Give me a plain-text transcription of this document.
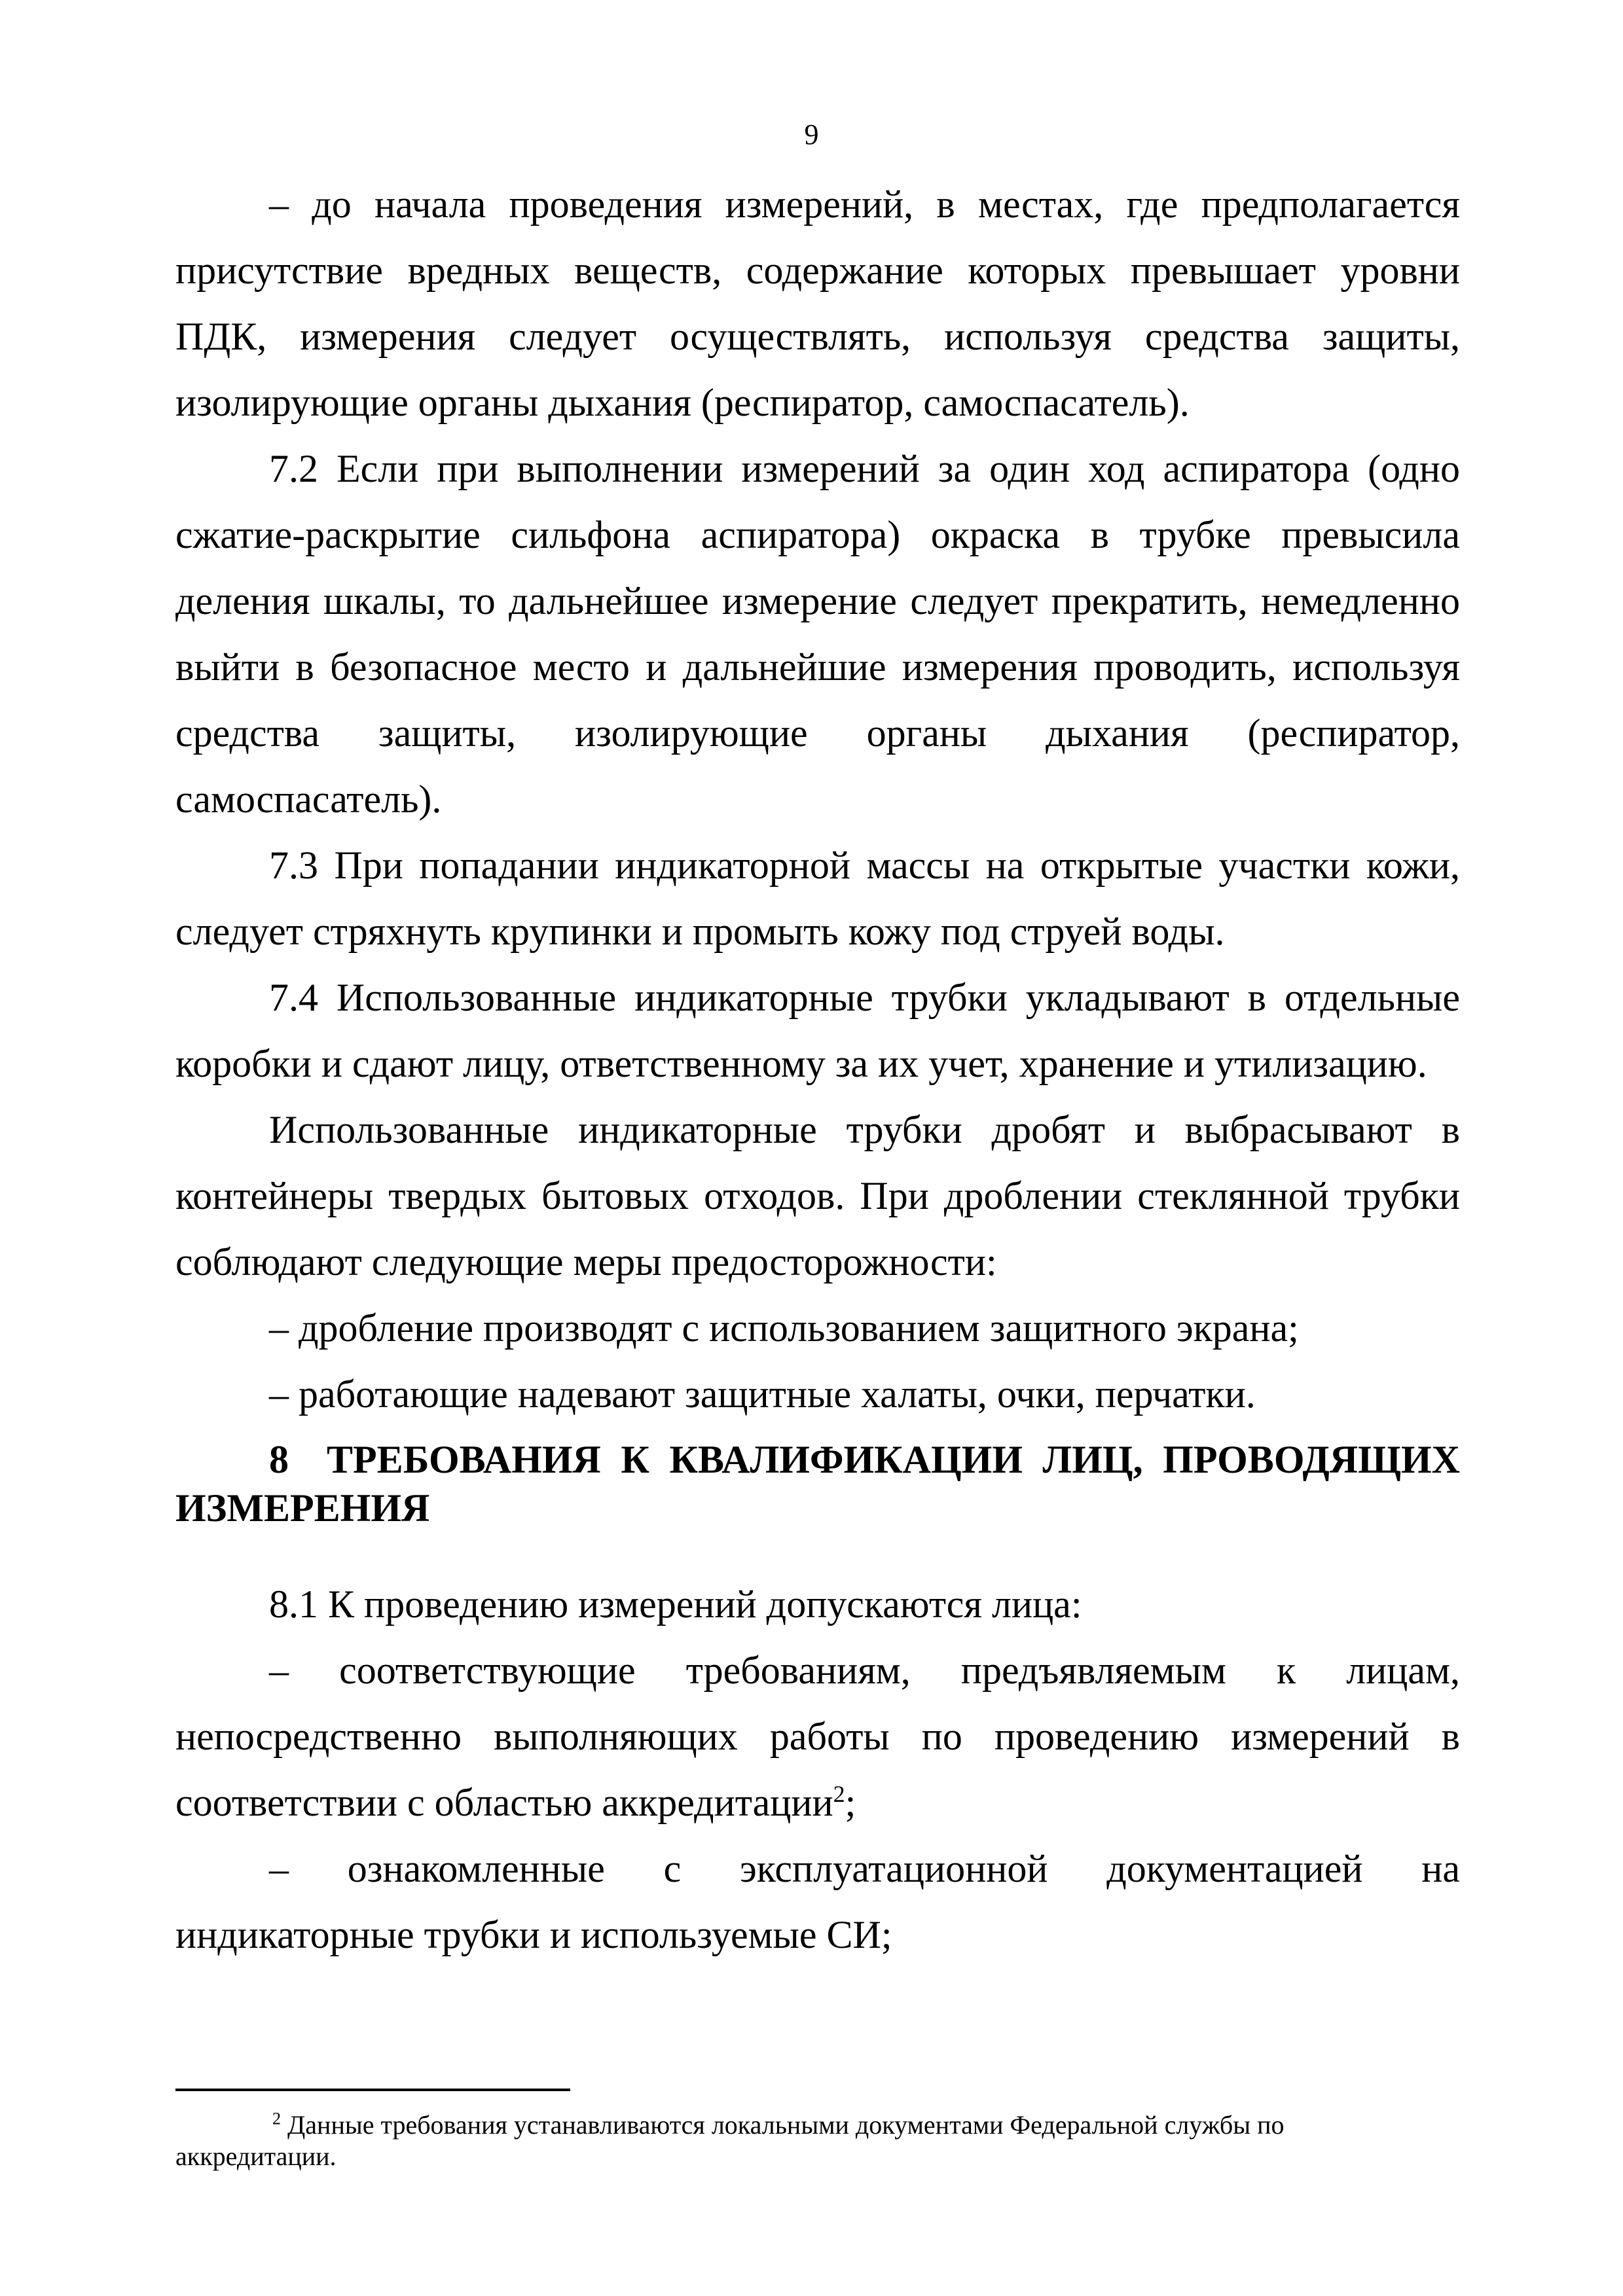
9

– до начала проведения измерений, в местах, где предполагается присутствие вредных веществ, содержание которых превышает уровни ПДК, измерения следует осуществлять, используя средства защиты, изолирующие органы дыхания (респиратор, самоспасатель).

7.2 Если при выполнении измерений за один ход аспиратора (одно сжатие-раскрытие сильфона аспиратора) окраска в трубке превысила деления шкалы, то дальнейшее измерение следует прекратить, немедленно выйти в безопасное место и дальнейшие измерения проводить, используя средства защиты, изолирующие органы дыхания (респиратор, самоспасатель).

7.3 При попадании индикаторной массы на открытые участки кожи, следует стряхнуть крупинки и промыть кожу под струей воды.

7.4 Использованные индикаторные трубки укладывают в отдельные коробки и сдают лицу, ответственному за их учет, хранение и утилизацию.

Использованные индикаторные трубки дробят и выбрасывают в контейнеры твердых бытовых отходов. При дроблении стеклянной трубки соблюдают следующие меры предосторожности:

– дробление производят с использованием защитного экрана;

– работающие надевают защитные халаты, очки, перчатки.

8 ТРЕБОВАНИЯ К КВАЛИФИКАЦИИ ЛИЦ, ПРОВОДЯЩИХ ИЗМЕРЕНИЯ

8.1 К проведению измерений допускаются лица:

– соответствующие требованиям, предъявляемым к лицам, непосредственно выполняющих работы по проведению измерений в соответствии с областью аккредитации$^2$;

– ознакомленные с эксплуатационной документацией на индикаторные трубки и используемые СИ;

$^2$ Данные требования устанавливаются локальными документами Федеральной службы по аккредитации.
